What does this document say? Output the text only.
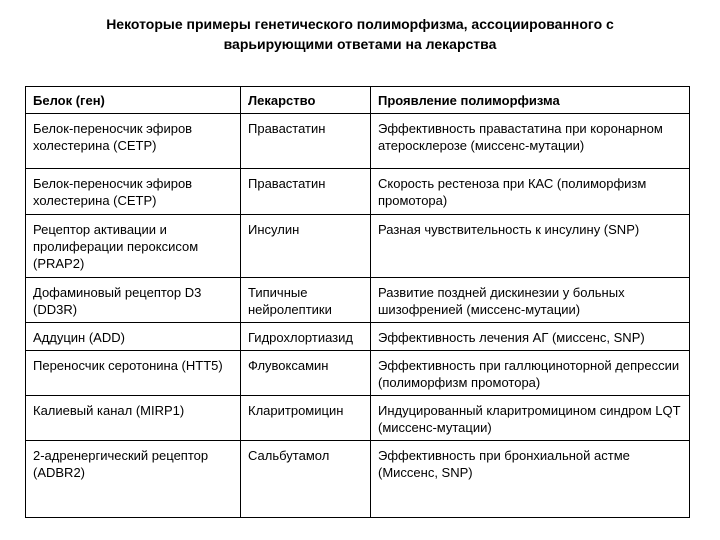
Некоторые примеры генетического полиморфизма, ассоциированного с
варьирующими ответами на лекарства
Белок (ген)	Лекарство	Проявление полиморфизма
Белок-переносчик эфиров холестерина (CETP)	Правастатин	Эффективность правастатина при коронарном атеросклерозе (миссенс-мутации)
Белок-переносчик эфиров холестерина (CETP)	Правастатин	Скорость рестеноза при КАС (полиморфизм промотора)
Рецептор активации и пролиферации пероксисом (PRAP2)	Инсулин	Разная чувствительность к инсулину (SNP)
Дофаминовый рецептор D3 (DD3R)	Типичные нейролептики	Развитие поздней дискинезии у больных шизофренией (миссенс-мутации)
Аддуцин (ADD)	Гидрохлортиазид	Эффективность лечения АГ (миссенс, SNP)
Переносчик серотонина (HTT5)	Флувоксамин	Эффективность при галлюциноторной депрессии (полиморфизм промотора)
Калиевый канал (MIRP1)	Кларитромицин	Индуцированный кларитромицином синдром LQT (миссенс-мутации)
2-адренергический рецептор (ADBR2)	Сальбутамол	Эффективность при бронхиальной астме (Миссенс, SNP)
